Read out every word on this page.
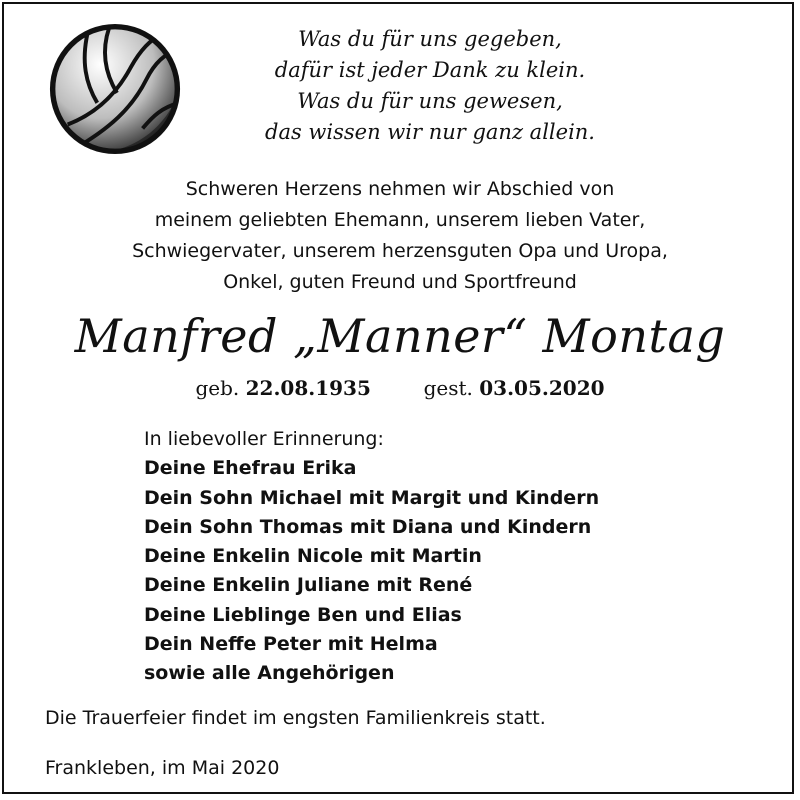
Was du für uns gegeben,
dafür ist jeder Dank zu klein.
Was du für uns gewesen,
das wissen wir nur ganz allein.
Schweren Herzens nehmen wir Abschied von
meinem geliebten Ehemann, unserem lieben Vater,
Schwiegervater, unserem herzensguten Opa und Uropa,
Onkel, guten Freund und Sportfreund
Manfred „Manner“ Montag
geb. 22.08.1935	gest. 03.05.2020
In liebevoller Erinnerung:
Deine Ehefrau Erika
Dein Sohn Michael mit Margit und Kindern
Dein Sohn Thomas mit Diana und Kindern
Deine Enkelin Nicole mit Martin
Deine Enkelin Juliane mit René
Deine Lieblinge Ben und Elias
Dein Neffe Peter mit Helma
sowie alle Angehörigen
Die Trauerfeier findet im engsten Familienkreis statt.
Frankleben, im Mai 2020
